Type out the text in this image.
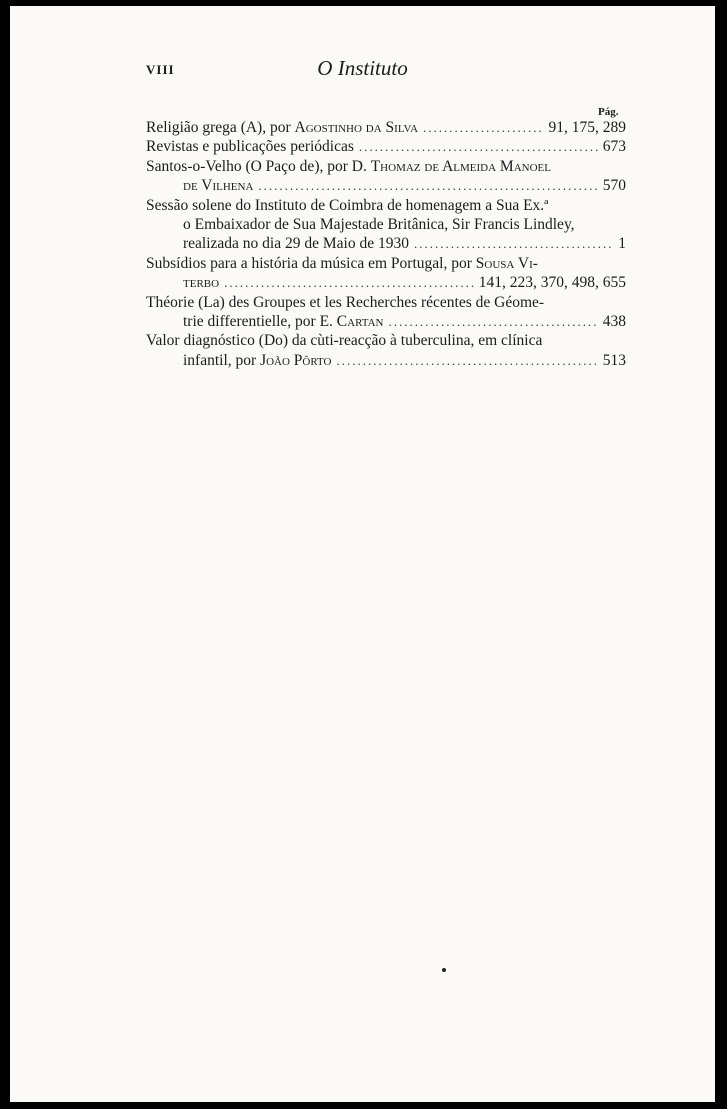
VIII	O Instituto
Pág.
Religião grega (A), por Agostinho da Silva .....	91, 175, 289
Revistas e publicações periódicas .....	673
Santos-o-Velho (O Paço de), por D. Thomaz de Almeida Manoel
de Vilhena .....	570
Sessão solene do Instituto de Coimbra de homenagem a Sua Ex.ª
o Embaixador de Sua Majestade Britânica, Sir Francis Lindley,
realizada no dia 29 de Maio de 1930 .....	1
Subsídios para a história da música em Portugal, por Sousa Vi-
terbo .....	141, 223, 370, 498, 655
Théorie (La) des Groupes et les Recherches récentes de Géome-
trie differentielle, por E. Cartan .....	438
Valor diagnóstico (Do) da cùti-reacção à tuberculina, em clínica
infantil, por João Pôrto .....	513
